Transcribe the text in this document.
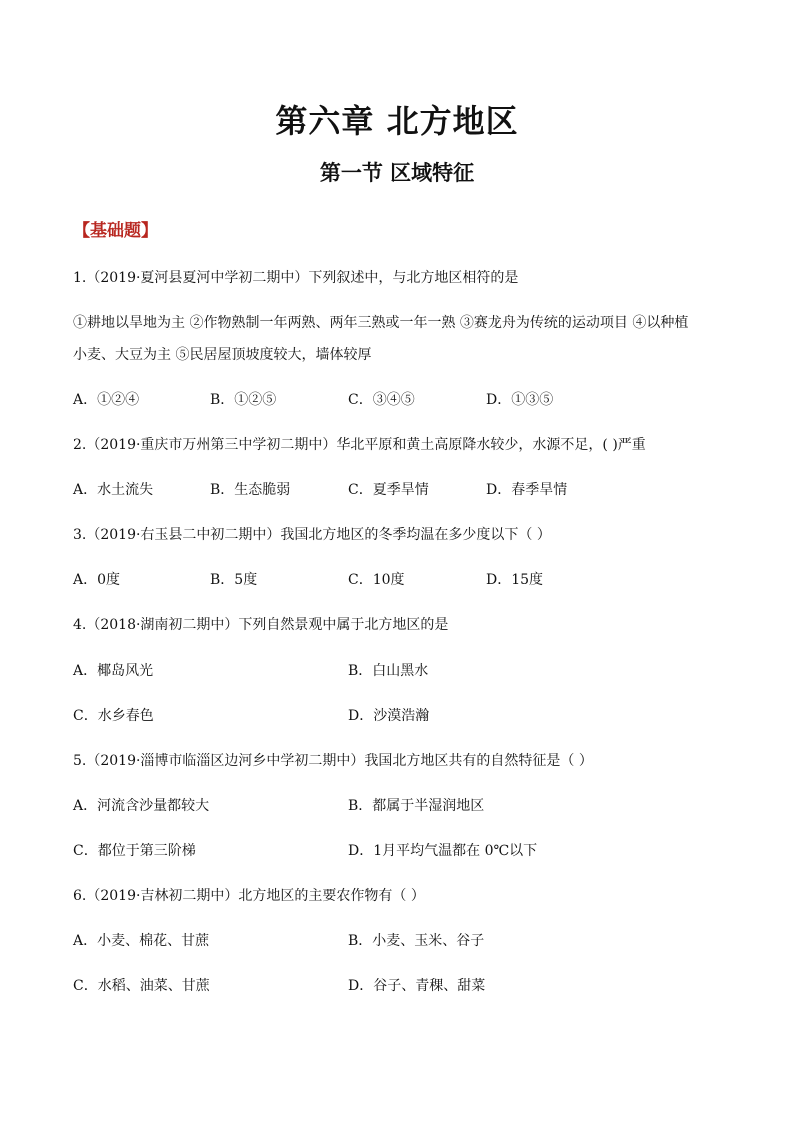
第六章 北方地区
第一节 区域特征
【基础题】
1.（2019·夏河县夏河中学初二期中）下列叙述中，与北方地区相符的是
①耕地以旱地为主 ②作物熟制一年两熟、两年三熟或一年一熟 ③赛龙舟为传统的运动项目 ④以种植
小麦、大豆为主 ⑤民居屋顶坡度较大，墙体较厚
A．①②④	B．①②⑤	C．③④⑤	D．①③⑤
2.（2019·重庆市万州第三中学初二期中）华北平原和黄土高原降水较少，水源不足，( )严重
A．水土流失	B．生态脆弱	C．夏季旱情	D．春季旱情
3.（2019·右玉县二中初二期中）我国北方地区的冬季均温在多少度以下（ ）
A．0度	B．5度	C．10度	D．15度
4.（2018·湖南初二期中）下列自然景观中属于北方地区的是
A．椰岛风光	B．白山黑水
C．水乡春色	D．沙漠浩瀚
5.（2019·淄博市临淄区边河乡中学初二期中）我国北方地区共有的自然特征是（ ）
A．河流含沙量都较大	B．都属于半湿润地区
C．都位于第三阶梯	D．1月平均气温都在 0℃以下
6.（2019·吉林初二期中）北方地区的主要农作物有（ ）
A．小麦、棉花、甘蔗	B．小麦、玉米、谷子
C．水稻、油菜、甘蔗	D．谷子、青稞、甜菜
